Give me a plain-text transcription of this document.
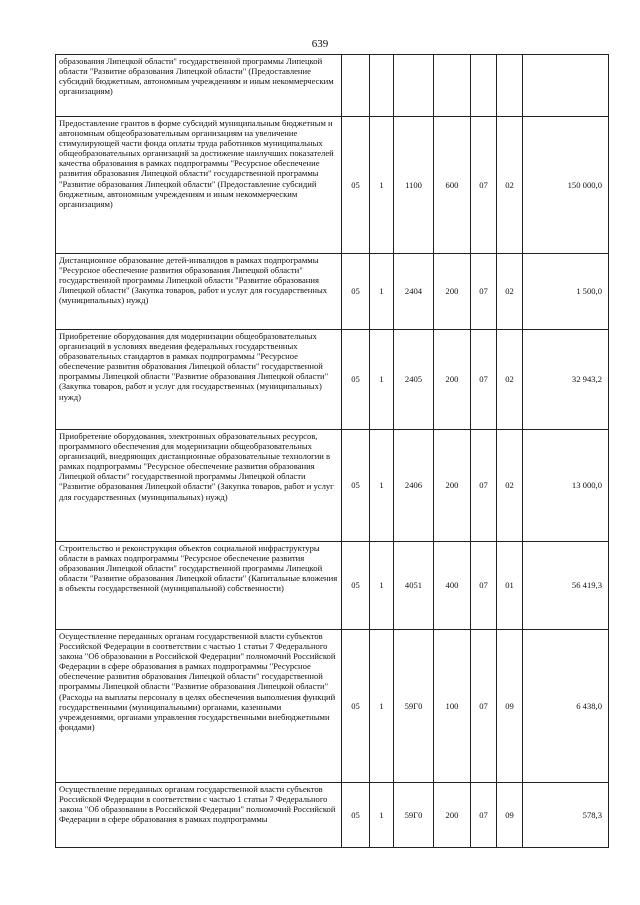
639
образования Липецкой области" государственной программы Липецкой области "Развитие образования Липецкой области" (Предоставление субсидий бюджетным, автономным учреждениям и иным некоммерческим организациям)							
Предоставление грантов в форме субсидий муниципальным бюджетным и автономным общеобразовательным организациям на увеличение стимулирующей части фонда оплаты труда работников муниципальных общеобразовательных организаций за достижение наилучших показателей качества образования в рамках подпрограммы "Ресурсное обеспечение развития образования Липецкой области" государственной программы "Развитие образования Липецкой области" (Предоставление субсидий бюджетным, автономным учреждениям и иным некоммерческим организациям)	05	1	1100	600	07	02	150 000,0
Дистанционное образование детей-инвалидов в рамках подпрограммы "Ресурсное обеспечение развития образования Липецкой области" государственной программы Липецкой области "Развитие образования Липецкой области" (Закупка товаров, работ и услуг для государственных (муниципальных) нужд)	05	1	2404	200	07	02	1 500,0
Приобретение оборудования для модернизации общеобразовательных организаций в условиях введения федеральных государственных образовательных стандартов в рамках подпрограммы "Ресурсное обеспечение развития образования Липецкой области" государственной программы Липецкой области "Развитие образования Липецкой области" (Закупка товаров, работ и услуг для государственных (муниципальных) нужд)	05	1	2405	200	07	02	32 943,2
Приобретение оборудования, электронных образовательных ресурсов, программного обеспечения для модернизации общеобразовательных организаций, внедряющих дистанционные образовательные технологии в рамках подпрограммы "Ресурсное обеспечение развития образования Липецкой области" государственной программы Липецкой области "Развитие образования Липецкой области" (Закупка товаров, работ и услуг для государственных (муниципальных) нужд)	05	1	2406	200	07	02	13 000,0
Строительство и реконструкция объектов социальной инфраструктуры области в рамках подпрограммы "Ресурсное обеспечение развития образования Липецкой области" государственной программы Липецкой области "Развитие образования Липецкой области" (Капитальные вложения в объекты государственной (муниципальной) собственности)	05	1	4051	400	07	01	56 419,3
Осуществление переданных органам государственной власти субъектов Российской Федерации в соответствии с частью 1 статьи 7 Федерального закона "Об образовании в Российской Федерации" полномочий Российской Федерации в сфере образования в рамках подпрограммы "Ресурсное обеспечение развития образования Липецкой области" государственной программы Липецкой области "Развитие образования Липецкой области" (Расходы на выплаты персоналу в целях обеспечения выполнения функций государственными (муниципальными) органами, казенными учреждениями, органами управления государственными внебюджетными фондами)	05	1	59Г0	100	07	09	6 438,0
Осуществление переданных органам государственной власти субъектов Российской Федерации в соответствии с частью 1 статьи 7 Федерального закона "Об образовании в Российской Федерации" полномочий Российской Федерации в сфере образования в рамках подпрограммы	05	1	59Г0	200	07	09	578,3
